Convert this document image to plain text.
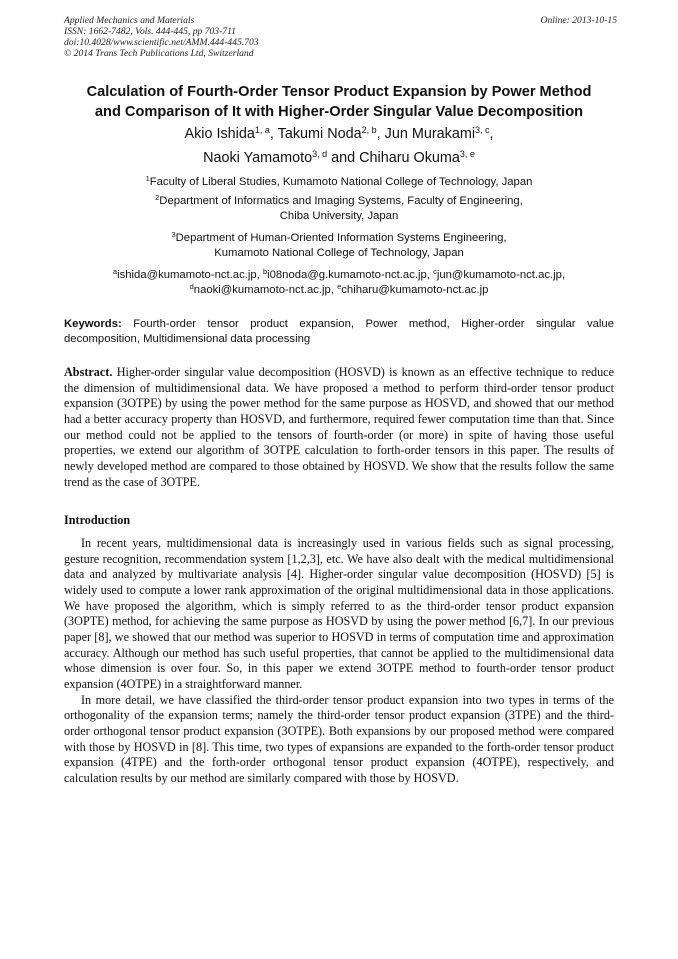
Applied Mechanics and Materials
ISSN: 1662-7482, Vols. 444-445, pp 703-711
doi:10.4028/www.scientific.net/AMM.444-445.703
© 2014 Trans Tech Publications Ltd, Switzerland
Online: 2013-10-15
Calculation of Fourth-Order Tensor Product Expansion by Power Method
and Comparison of It with Higher-Order Singular Value Decomposition
Akio Ishida$^{1, a}$, Takumi Noda$^{2, b}$, Jun Murakami$^{3, c}$,
Naoki Yamamoto$^{3, d}$ and Chiharu Okuma$^{3, e}$
$^1$Faculty of Liberal Studies, Kumamoto National College of Technology, Japan
$^2$Department of Informatics and Imaging Systems, Faculty of Engineering,
Chiba University, Japan
$^3$Department of Human-Oriented Information Systems Engineering,
Kumamoto National College of Technology, Japan
$^a$ishida@kumamoto-nct.ac.jp, $^b$i08noda@g.kumamoto-nct.ac.jp, $^c$jun@kumamoto-nct.ac.jp,
$^d$naoki@kumamoto-nct.ac.jp, $^e$chiharu@kumamoto-nct.ac.jp
Keywords: Fourth-order tensor product expansion, Power method, Higher-order singular value decomposition, Multidimensional data processing
Abstract. Higher-order singular value decomposition (HOSVD) is known as an effective technique to reduce the dimension of multidimensional data. We have proposed a method to perform third-order tensor product expansion (3OTPE) by using the power method for the same purpose as HOSVD, and showed that our method had a better accuracy property than HOSVD, and furthermore, required fewer computation time than that. Since our method could not be applied to the tensors of fourth-order (or more) in spite of having those useful properties, we extend our algorithm of 3OTPE calculation to forth-order tensors in this paper. The results of newly developed method are compared to those obtained by HOSVD. We show that the results follow the same trend as the case of 3OTPE.
Introduction

In recent years, multidimensional data is increasingly used in various fields such as signal processing, gesture recognition, recommendation system [1,2,3], etc. We have also dealt with the medical multidimensional data and analyzed by multivariate analysis [4]. Higher-order singular value decomposition (HOSVD) [5] is widely used to compute a lower rank approximation of the original multidimensional data in those applications. We have proposed the algorithm, which is simply referred to as the third-order tensor product expansion (3OPTE) method, for achieving the same purpose as HOSVD by using the power method [6,7]. In our previous paper [8], we showed that our method was superior to HOSVD in terms of computation time and approximation accuracy. Although our method has such useful properties, that cannot be applied to the multidimensional data whose dimension is over four. So, in this paper we extend 3OTPE method to fourth-order tensor product expansion (4OTPE) in a straightforward manner.

In more detail, we have classified the third-order tensor product expansion into two types in terms of the orthogonality of the expansion terms; namely the third-order tensor product expansion (3TPE) and the third-order orthogonal tensor product expansion (3OTPE). Both expansions by our proposed method were compared with those by HOSVD in [8]. This time, two types of expansions are expanded to the forth-order tensor product expansion (4TPE) and the forth-order orthogonal tensor product expansion (4OTPE), respectively, and calculation results by our method are similarly compared with those by HOSVD.
